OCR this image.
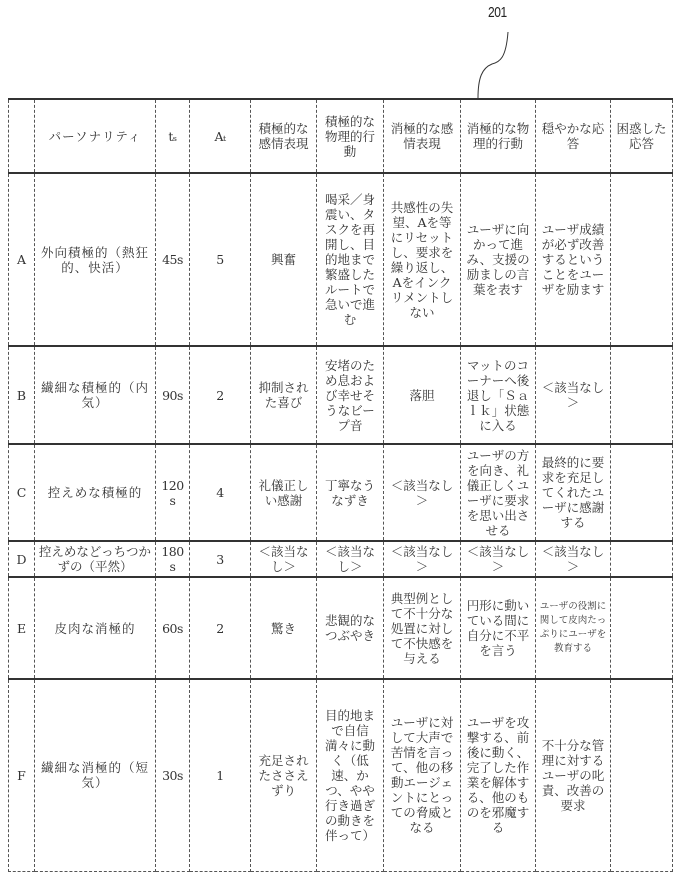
201
	パーソナリティ	tₛ	Aₜ	積極的な感情表現	積極的な物理的行動	消極的な感情表現	消極的な物理的行動	穏やかな応答	困惑した応答
A	外向積極的（熱狂的、快活）	45s	5	興奮	喝采／身震い、タスクを再開し、目的地まで繁盛したルートで急いで進む	共感性の失望、Aを等にリセットし、要求を繰り返し、Aをインクリメントしない	ユーザに向かって進み、支援の励ましの言葉を表す	ユーザ成績が必ず改善するということをユーザを励ます	
B	繊細な積極的（内気）	90s	2	抑制された喜び	安堵のため息および幸せそうなビープ音	落胆	マットのコーナーへ後退し「Ｓａｌｋ」状態に入る	＜該当なし＞	
C	控えめな積極的	120s	4	礼儀正しい感謝	丁寧なうなずき	＜該当なし＞	ユーザの方を向き、礼儀正しくユーザに要求を思い出させる	最終的に要求を充足してくれたユーザに感謝する	
D	控えめなどっちつかずの（平然）	180s	3	＜該当なし＞	＜該当なし＞	＜該当なし＞	＜該当なし＞	＜該当なし＞	
E	皮肉な消極的	60s	2	驚き	悲観的なつぶやき	典型例として不十分な処置に対して不快感を与える	円形に動いている間に自分に不平を言う	ユーザの役割に関して皮肉たっぷりにユーザを教育する	
F	繊細な消極的（短気）	30s	1	充足されたささえずり	目的地まで自信満々に動く（低速、かつ、やや行き過ぎの動きを伴って）	ユーザに対して大声で苦情を言って、他の移動エージェントにとっての脅威となる	ユーザを攻撃する、前後に動く、完了した作業を解体する、他のものを邪魔する	不十分な管理に対するユーザの叱責、改善の要求	
